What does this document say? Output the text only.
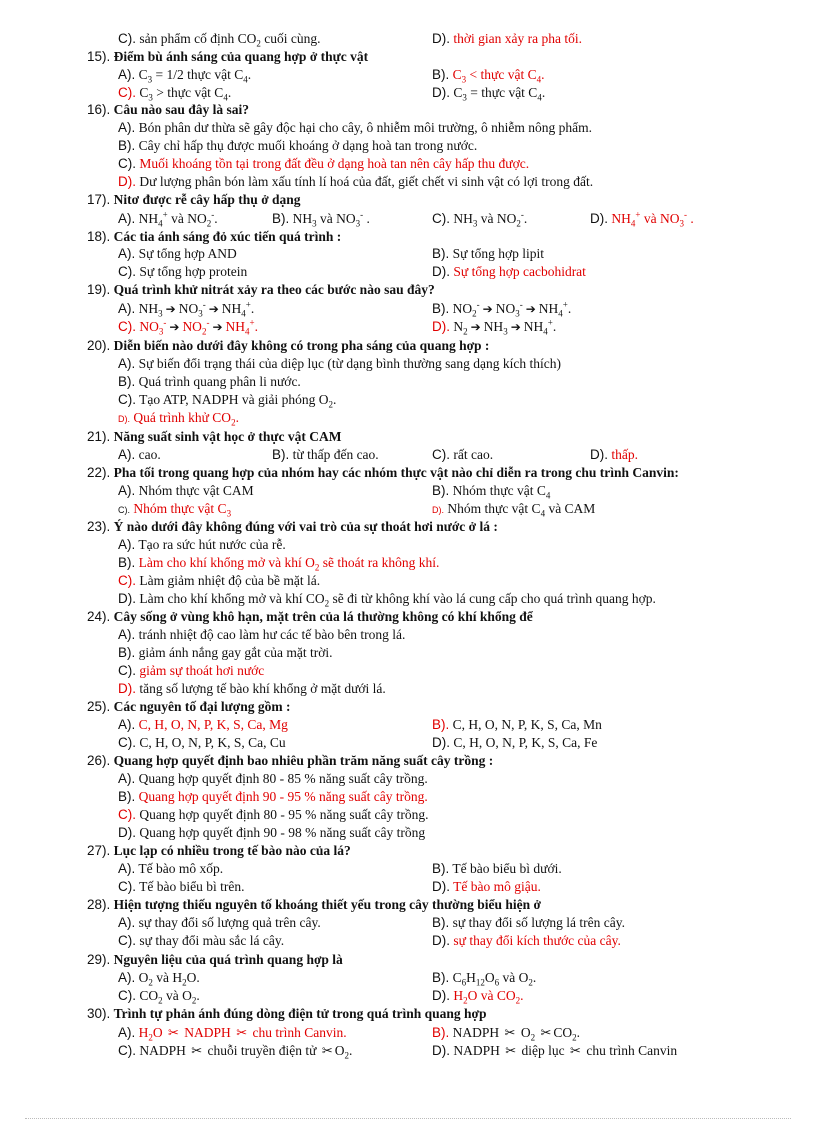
C). sản phẩm cố định $CO_2$ cuối cùng.	D). thời gian xảy ra pha tối.
15). Điểm bù ánh sáng của quang hợp ở thực vật
A). $C_3 = 1/2$ thực vật $C_4$.	B). $C_3$ < thực vật $C_4$.
C). $C_3$ > thực vật $C_4$.	D). $C_3$ = thực vật $C_4$.
16). Câu nào sau đây là sai?
A). Bón phân dư thừa sẽ gây độc hại cho cây, ô nhiễm môi trường, ô nhiễm nông phẩm.
B). Cây chỉ hấp thụ được muối khoáng ở dạng hoà tan trong nước.
C). Muối khoáng tồn tại trong đất đều ở dạng hoà tan nên cây hấp thu được.
D). Dư lượng phân bón làm xấu tính lí hoá của đất, giết chết vi sinh vật có lợi trong đất.
17). Nitơ được rễ cây hấp thụ ở dạng
A). $NH_4^+$ và $NO_2^-$.	B). $NH_3$ và $NO_3^-$ .	C). $NH_3$ và $NO_2^-$.	D). $NH_4^+$ và $NO_3^-$ .
18). Các tia ánh sáng đỏ xúc tiến quá trình :
A). Sự tổng hợp AND	B). Sự tổng hợp lipit
C). Sự tổng hợp protein	D). Sự tổng hợp cacbohidrat
19). Quá trình khử nitrát xảy ra theo các bước nào sau đây?
A). $NH_3$ ➔ $NO_3^-$ ➔ $NH_4^+$.	B). $NO_2^-$ ➔ $NO_3^-$ ➔ $NH_4^+$.
C). $NO_3^-$ ➔ $NO_2^-$ ➔ $NH_4^+$.	D). $N_2$ ➔ $NH_3$ ➔ $NH_4^+$.
20). Diễn biến nào dưới đây không có trong pha sáng của quang hợp :
A). Sự biến đổi trạng thái của diệp lục (từ dạng bình thường sang dạng kích thích)
B). Quá trình quang phân li nước.
C). Tạo ATP, NADPH và giải phóng $O_2$.
D). Quá trình khử $CO_2$.
21). Năng suất sinh vật học ở thực vật CAM
A). cao.	B). từ thấp đến cao.	C). rất cao.	D). thấp.
22). Pha tối trong quang hợp của nhóm hay các nhóm thực vật nào chỉ diễn ra trong chu trình Canvin:
A). Nhóm thực vật CAM	B). Nhóm thực vật $C_4$
C). Nhóm thực vật $C_3$	D). Nhóm thực vật $C_4$ và CAM
23). Ý nào dưới đây không đúng với vai trò của sự thoát hơi nước ở lá :
A). Tạo ra sức hút nước của rễ.
B). Làm cho khí khổng mở và khí $O_2$ sẽ thoát ra không khí.
C). Làm giảm nhiệt độ của bề mặt lá.
D). Làm cho khí khổng mở và khí $CO_2$ sẽ đi từ không khí vào lá cung cấp cho quá trình quang hợp.
24). Cây sống ở vùng khô hạn, mặt trên của lá thường không có khí khổng để
A). tránh nhiệt độ cao làm hư các tế bào bên trong lá.
B). giảm ánh nắng gay gắt của mặt trời.
C). giảm sự thoát hơi nước
D). tăng số lượng tế bào khí khổng ở mặt dưới lá.
25). Các nguyên tố đại lượng gồm :
A). C, H, O, N, P, K, S, Ca, Mg	B). C, H, O, N, P, K, S, Ca, Mn
C). C, H, O, N, P, K, S, Ca, Cu	D). C, H, O, N, P, K, S, Ca, Fe
26). Quang hợp quyết định bao nhiêu phần trăm năng suất cây trồng :
A). Quang hợp quyết định 80 - 85 % năng suất cây trồng.
B). Quang hợp quyết định 90 - 95 % năng suất cây trồng.
C). Quang hợp quyết định 80 - 95 % năng suất cây trồng.
D). Quang hợp quyết định 90 - 98 % năng suất cây trồng
27). Lục lạp có nhiều trong tế bào nào của lá?
A). Tế bào mô xốp.	B). Tế bào biểu bì dưới.
C). Tế bào biểu bì trên.	D). Tế bào mô giậu.
28). Hiện tượng thiếu nguyên tố khoáng thiết yếu trong cây thường biểu hiện ở
A). sự thay đổi số lượng quả trên cây.	B). sự thay đổi số lượng lá trên cây.
C). sự thay đổi màu sắc lá cây.	D). sự thay đổi kích thước của cây.
29). Nguyên liệu của quá trình quang hợp là
A). $O_2$ và $H_2O$.	B). $C_6H_{12}O_6$ và $O_2$.
C). $CO_2$ và $O_2$.	D). $H_2O$ và $CO_2$.
30). Trình tự phản ánh đúng dòng điện tử trong quá trình quang hợp
A). $H_2O$ ✂ NADPH ✂ chu trình Canvin.	B). NADPH ✂ $O_2$ ✂ $CO_2$.
C). NADPH ✂ chuỗi truyền điện tử ✂ $O_2$.	D). NADPH ✂ diệp lục ✂ chu trình Canvin
